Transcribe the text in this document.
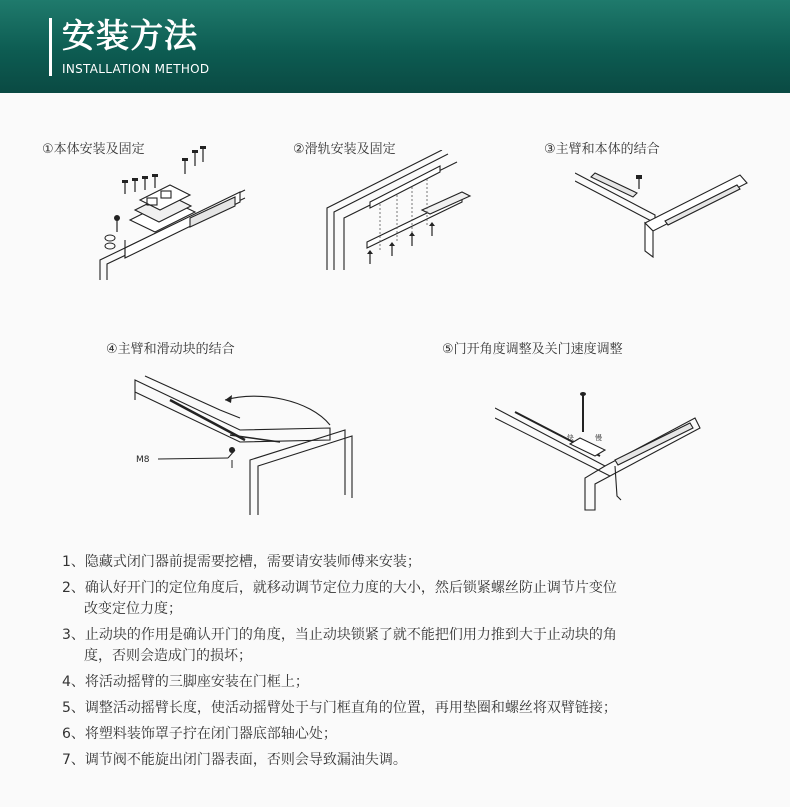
安装方法
INSTALLATION METHOD
①本体安装及固定	②滑轨安装及固定	③主臂和本体的结合
④主臂和滑动块的结合	⑤门开角度调整及关门速度调整
M8
快	慢
1、隐藏式闭门器前提需要挖槽，需要请安装师傅来安装；
2、确认好开门的定位角度后，就移动调节定位力度的大小，然后锁紧螺丝防止调节片变位
改变定位力度；
3、止动块的作用是确认开门的角度，当止动块锁紧了就不能把们用力推到大于止动块的角
度，否则会造成门的损坏；
4、将活动摇臂的三脚座安装在门框上；
5、调整活动摇臂长度，使活动摇臂处于与门框直角的位置，再用垫圈和螺丝将双臂链接；
6、将塑料装饰罩子拧在闭门器底部轴心处；
7、调节阀不能旋出闭门器表面，否则会导致漏油失调。
